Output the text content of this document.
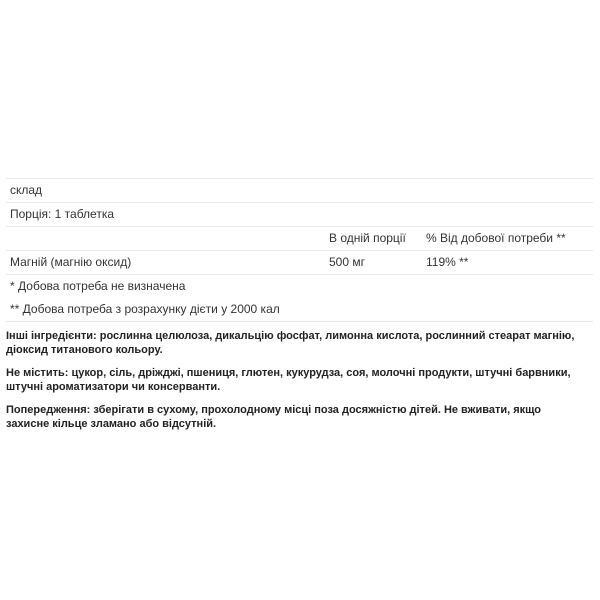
склад
Порція: 1 таблетка
В одній порції % Від добової потреби **
Магній (магнію оксид)	500 мг	119% **
* Добова потреба не визначена
** Добова потреба з розрахунку дієти у 2000 кал

Інші інгредієнти: рослинна целюлоза, дикальцію фосфат, лимонна кислота, рослинний стеарат магнію, діоксид титанового кольору.

Не містить: цукор, сіль, дріжджі, пшениця, глютен, кукурудза, соя, молочні продукти, штучні барвники, штучні ароматизатори чи консерванти.

Попередження: зберігати в сухому, прохолодному місці поза досяжністю дітей. Не вживати, якщо захисне кільце зламано або відсутній.
